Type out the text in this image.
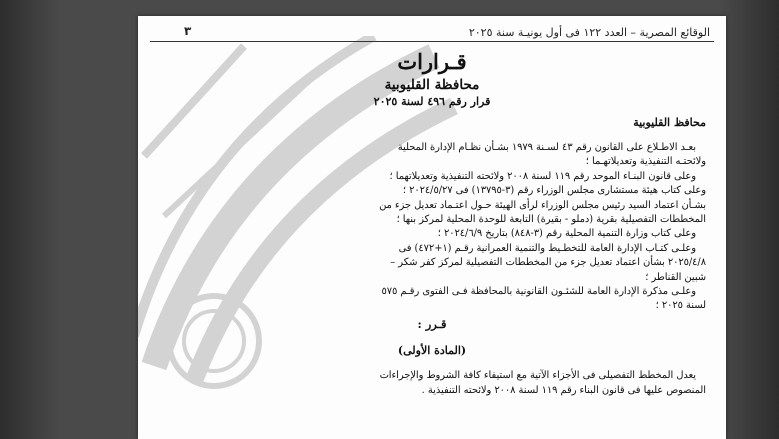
الوقائع المصرية – العدد ١٢٢ فى أول يونيـة سنة ٢٠٢٥
٣

قـرارات

محافظة القليوبية

قرار رقم ٤٩٦ لسنة ٢٠٢٥

محافظ القليوبية

بعـد الاطـلاع على القانون رقم ٤٣ لسـنة ١٩٧٩ بشـأن نظـام الإدارة المحلية

ولائحتـه التنفيذية وتعديلاتهـما ؛

وعلى قانون البنـاء الموحد رقم ١١٩ لسنة ٢٠٠٨ ولائحته التنفيذية وتعديلاتهما ؛

وعلى كتاب هيئة مستشارى مجلس الوزراء رقم (٣-١٣٧٩٥) فى ٢٠٢٤/٥/٢٧ ؛

بشـأن اعتماد السيد رئيس مجلس الوزراء لرأى الهيئة حـول اعتـماد تعديل جزء من

المخططات التفصيلية بقرية (دملو - بقيرة) التابعة للوحدة المحلية لمركز بنها ؛

وعلى كتاب وزارة التنمية المحلية رقم (٣-٨٤٨) بتاريخ ٢٠٢٤/٦/٩ ؛

وعلـى كتـاب الإدارة العامة للتخطـيط والتنمية العمرانية رقـم (١+٤٧٢) فى

٢٠٢٥/٤/٨ بشأن اعتماد تعديل جزء من المخططات التفصيلية لمركز كفر شكر –

شبين القناطر ؛

وعلـى مذكرة الإدارة العامة للشئـون القانونية بالمحافظة فـى الفتوى رقـم ٥٧٥

لسنة ٢٠٢٥ ؛

قـرر :

(المادة الأولى)

يعدل المخطط التفصيلى فى الأجزاء الآتية مع استيفاء كافة الشروط والإجراءات

المنصوص عليها فى قانون البناء رقم ١١٩ لسنة ٢٠٠٨ ولائحته التنفيذية .
